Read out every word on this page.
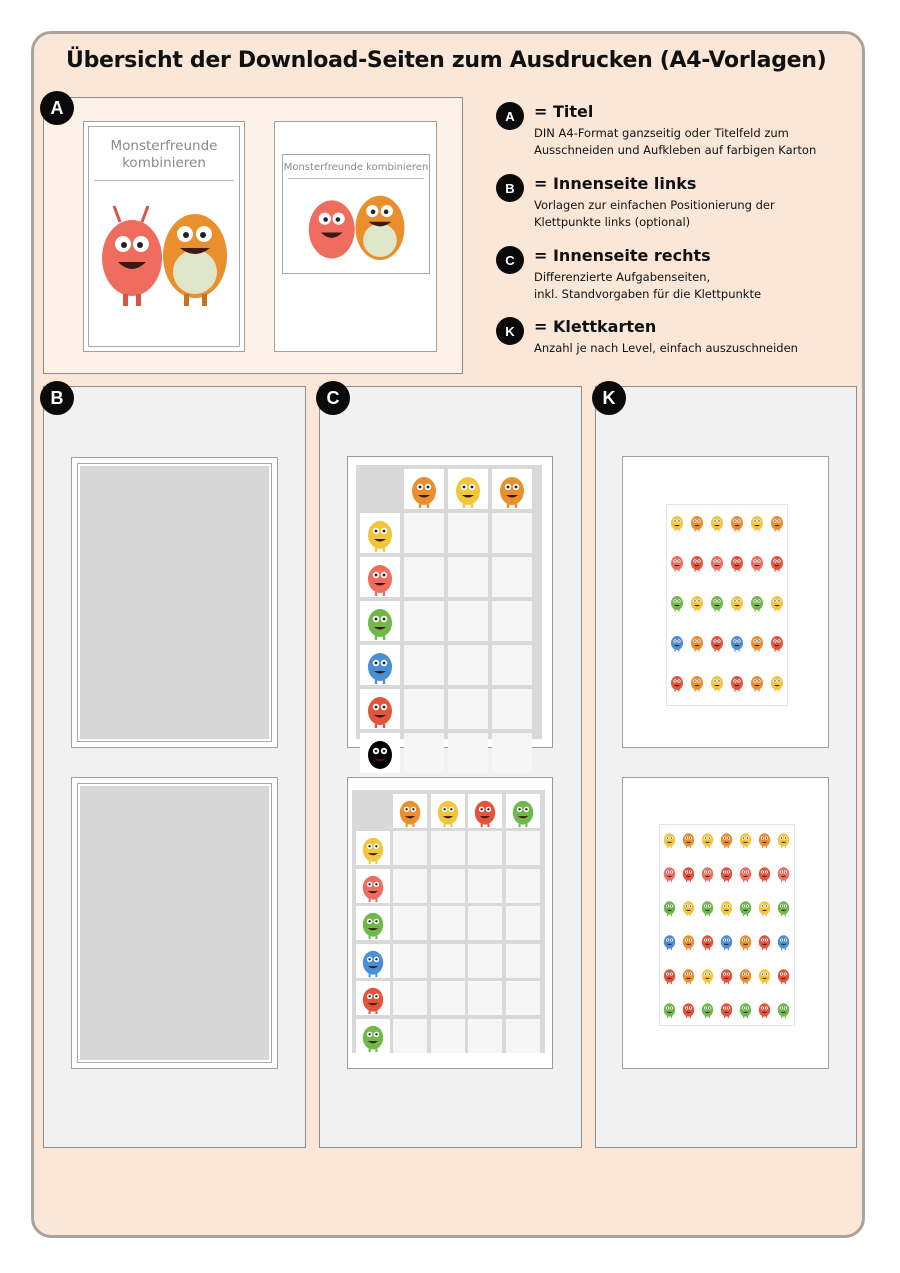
Übersicht der Download-Seiten zum Ausdrucken (A4-Vorlagen)
A
Monsterfreunde
kombinieren	Monsterfreunde kombinieren
A	= Titel
DIN A4-Format ganzseitig oder Titelfeld zum
Ausschneiden und Aufkleben auf farbigen Karton
B	= Innenseite links
Vorlagen zur einfachen Positionierung der
Klettpunkte links (optional)
C	= Innenseite rechts
Differenzierte Aufgabenseiten,
inkl. Standvorgaben für die Klettpunkte
K	= Klettkarten
Anzahl je nach Level, einfach auszuschneiden
B	C	K
